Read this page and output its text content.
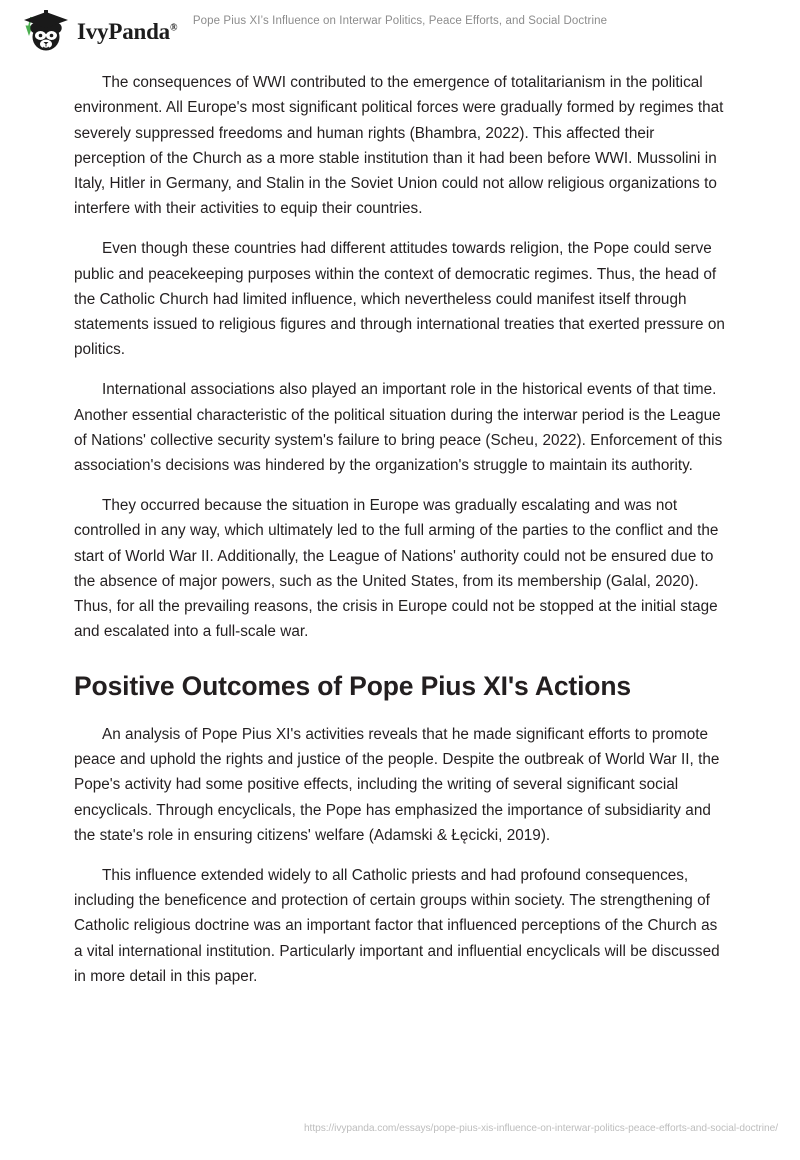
IvyPanda®
Pope Pius XI’s Influence on Interwar Politics, Peace Efforts, and Social Doctrine

The consequences of WWI contributed to the emergence of totalitarianism in the political environment. All Europe's most significant political forces were gradually formed by regimes that severely suppressed freedoms and human rights (Bhambra, 2022). This affected their perception of the Church as a more stable institution than it had been before WWI. Mussolini in Italy, Hitler in Germany, and Stalin in the Soviet Union could not allow religious organizations to interfere with their activities to equip their countries.

Even though these countries had different attitudes towards religion, the Pope could serve public and peacekeeping purposes within the context of democratic regimes. Thus, the head of the Catholic Church had limited influence, which nevertheless could manifest itself through statements issued to religious figures and through international treaties that exerted pressure on politics.

International associations also played an important role in the historical events of that time. Another essential characteristic of the political situation during the interwar period is the League of Nations' collective security system's failure to bring peace (Scheu, 2022). Enforcement of this association's decisions was hindered by the organization's struggle to maintain its authority.

They occurred because the situation in Europe was gradually escalating and was not controlled in any way, which ultimately led to the full arming of the parties to the conflict and the start of World War II. Additionally, the League of Nations' authority could not be ensured due to the absence of major powers, such as the United States, from its membership (Galal, 2020). Thus, for all the prevailing reasons, the crisis in Europe could not be stopped at the initial stage and escalated into a full-scale war.

Positive Outcomes of Pope Pius XI's Actions

An analysis of Pope Pius XI's activities reveals that he made significant efforts to promote peace and uphold the rights and justice of the people. Despite the outbreak of World War II, the Pope's activity had some positive effects, including the writing of several significant social encyclicals. Through encyclicals, the Pope has emphasized the importance of subsidiarity and the state's role in ensuring citizens' welfare (Adamski & Łęcicki, 2019).

This influence extended widely to all Catholic priests and had profound consequences, including the beneficence and protection of certain groups within society. The strengthening of Catholic religious doctrine was an important factor that influenced perceptions of the Church as a vital international institution. Particularly important and influential encyclicals will be discussed in more detail in this paper.

https://ivypanda.com/essays/pope-pius-xis-influence-on-interwar-politics-peace-efforts-and-social-doctrine/
